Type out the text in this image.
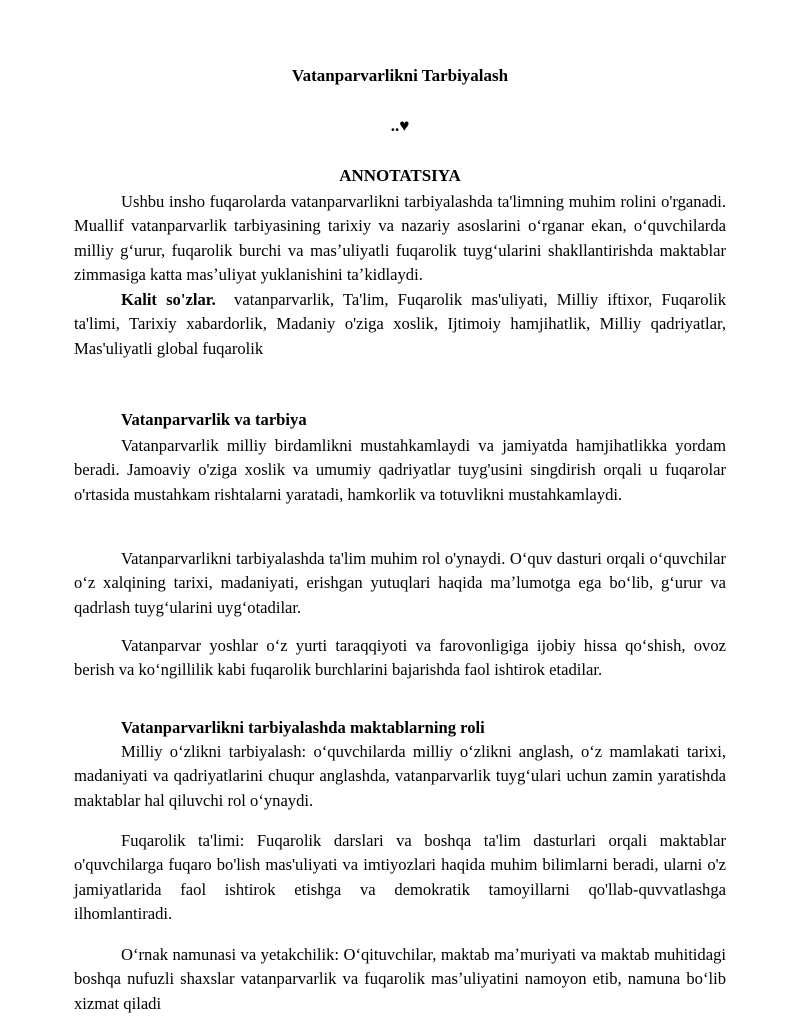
Vatanparvarlikni Tarbiyalash
..♥
ANNOTATSIYA
Ushbu insho fuqarolarda vatanparvarlikni tarbiyalashda ta'limning muhim rolini o'rganadi. Muallif vatanparvarlik tarbiyasining tarixiy va nazariy asoslarini oʻrganar ekan, oʻquvchilarda milliy gʻurur, fuqarolik burchi va masʼuliyatli fuqarolik tuygʻularini shakllantirishda maktablar zimmasiga katta masʼuliyat yuklanishini taʼkidlaydi.
Kalit so'zlar. vatanparvarlik, Ta'lim, Fuqarolik mas'uliyati, Milliy iftixor, Fuqarolik ta'limi, Tarixiy xabardorlik, Madaniy o'ziga xoslik, Ijtimoiy hamjihatlik, Milliy qadriyatlar, Mas'uliyatli global fuqarolik
Vatanparvarlik va tarbiya
Vatanparvarlik milliy birdamlikni mustahkamlaydi va jamiyatda hamjihatlikka yordam beradi. Jamoaviy o'ziga xoslik va umumiy qadriyatlar tuyg'usini singdirish orqali u fuqarolar o'rtasida mustahkam rishtalarni yaratadi, hamkorlik va totuvlikni mustahkamlaydi.
Vatanparvarlikni tarbiyalashda ta'lim muhim rol o'ynaydi. Oʻquv dasturi orqali oʻquvchilar oʻz xalqining tarixi, madaniyati, erishgan yutuqlari haqida maʼlumotga ega boʻlib, gʻurur va qadrlash tuygʻularini uygʻotadilar.
Vatanparvar yoshlar oʻz yurti taraqqiyoti va farovonligiga ijobiy hissa qoʻshish, ovoz berish va koʻngillilik kabi fuqarolik burchlarini bajarishda faol ishtirok etadilar.
Vatanparvarlikni tarbiyalashda maktablarning roli
Milliy oʻzlikni tarbiyalash: oʻquvchilarda milliy oʻzlikni anglash, oʻz mamlakati tarixi, madaniyati va qadriyatlarini chuqur anglashda, vatanparvarlik tuygʻulari uchun zamin yaratishda maktablar hal qiluvchi rol oʻynaydi.
Fuqarolik ta'limi: Fuqarolik darslari va boshqa ta'lim dasturlari orqali maktablar o'quvchilarga fuqaro bo'lish mas'uliyati va imtiyozlari haqida muhim bilimlarni beradi, ularni o'z jamiyatlarida faol ishtirok etishga va demokratik tamoyillarni qo'llab-quvvatlashga ilhomlantiradi.
Oʻrnak namunasi va yetakchilik: Oʻqituvchilar, maktab maʼmuriyati va maktab muhitidagi boshqa nufuzli shaxslar vatanparvarlik va fuqarolik masʼuliyatini namoyon etib, namuna boʻlib xizmat qiladi
